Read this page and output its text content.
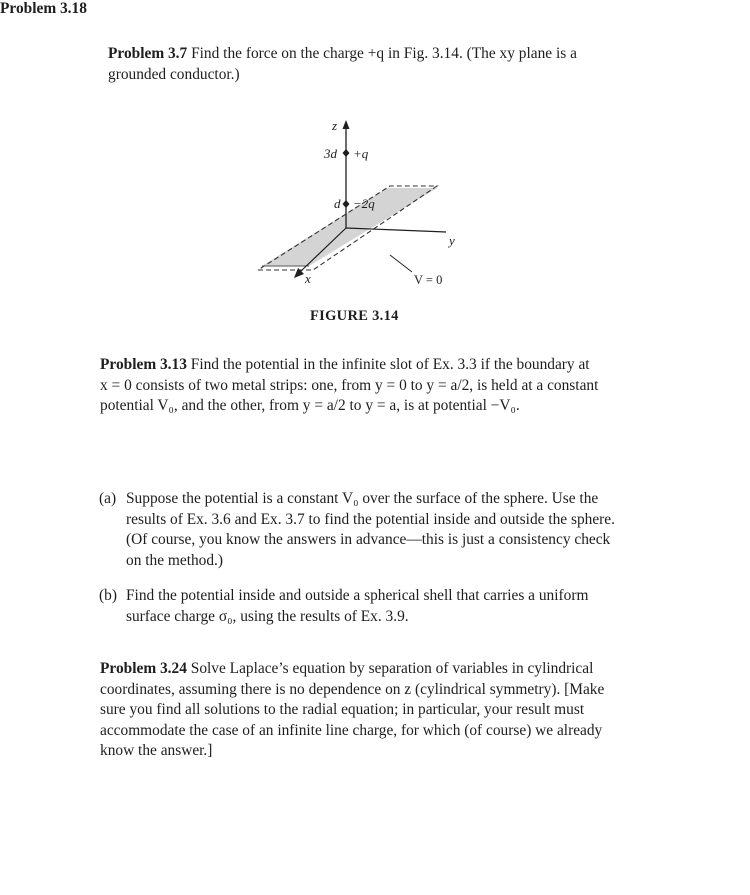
Problem 3.7 Find the force on the charge +q in Fig. 3.14. (The xy plane is a
grounded conductor.)
z
y
x
3d +q
d −2q
V = 0
FIGURE 3.14
Problem 3.13 Find the potential in the infinite slot of Ex. 3.3 if the boundary at
x = 0 consists of two metal strips: one, from y = 0 to y = a/2, is held at a constant
potential V₀, and the other, from y = a/2 to y = a, is at potential −V₀.
Problem 3.18
(a) Suppose the potential is a constant V₀ over the surface of the sphere. Use the
results of Ex. 3.6 and Ex. 3.7 to find the potential inside and outside the sphere.
(Of course, you know the answers in advance—this is just a consistency check
on the method.)
(b) Find the potential inside and outside a spherical shell that carries a uniform
surface charge σ₀, using the results of Ex. 3.9.
Problem 3.24 Solve Laplace’s equation by separation of variables in cylindrical
coordinates, assuming there is no dependence on z (cylindrical symmetry). [Make
sure you find all solutions to the radial equation; in particular, your result must
accommodate the case of an infinite line charge, for which (of course) we already
know the answer.]
